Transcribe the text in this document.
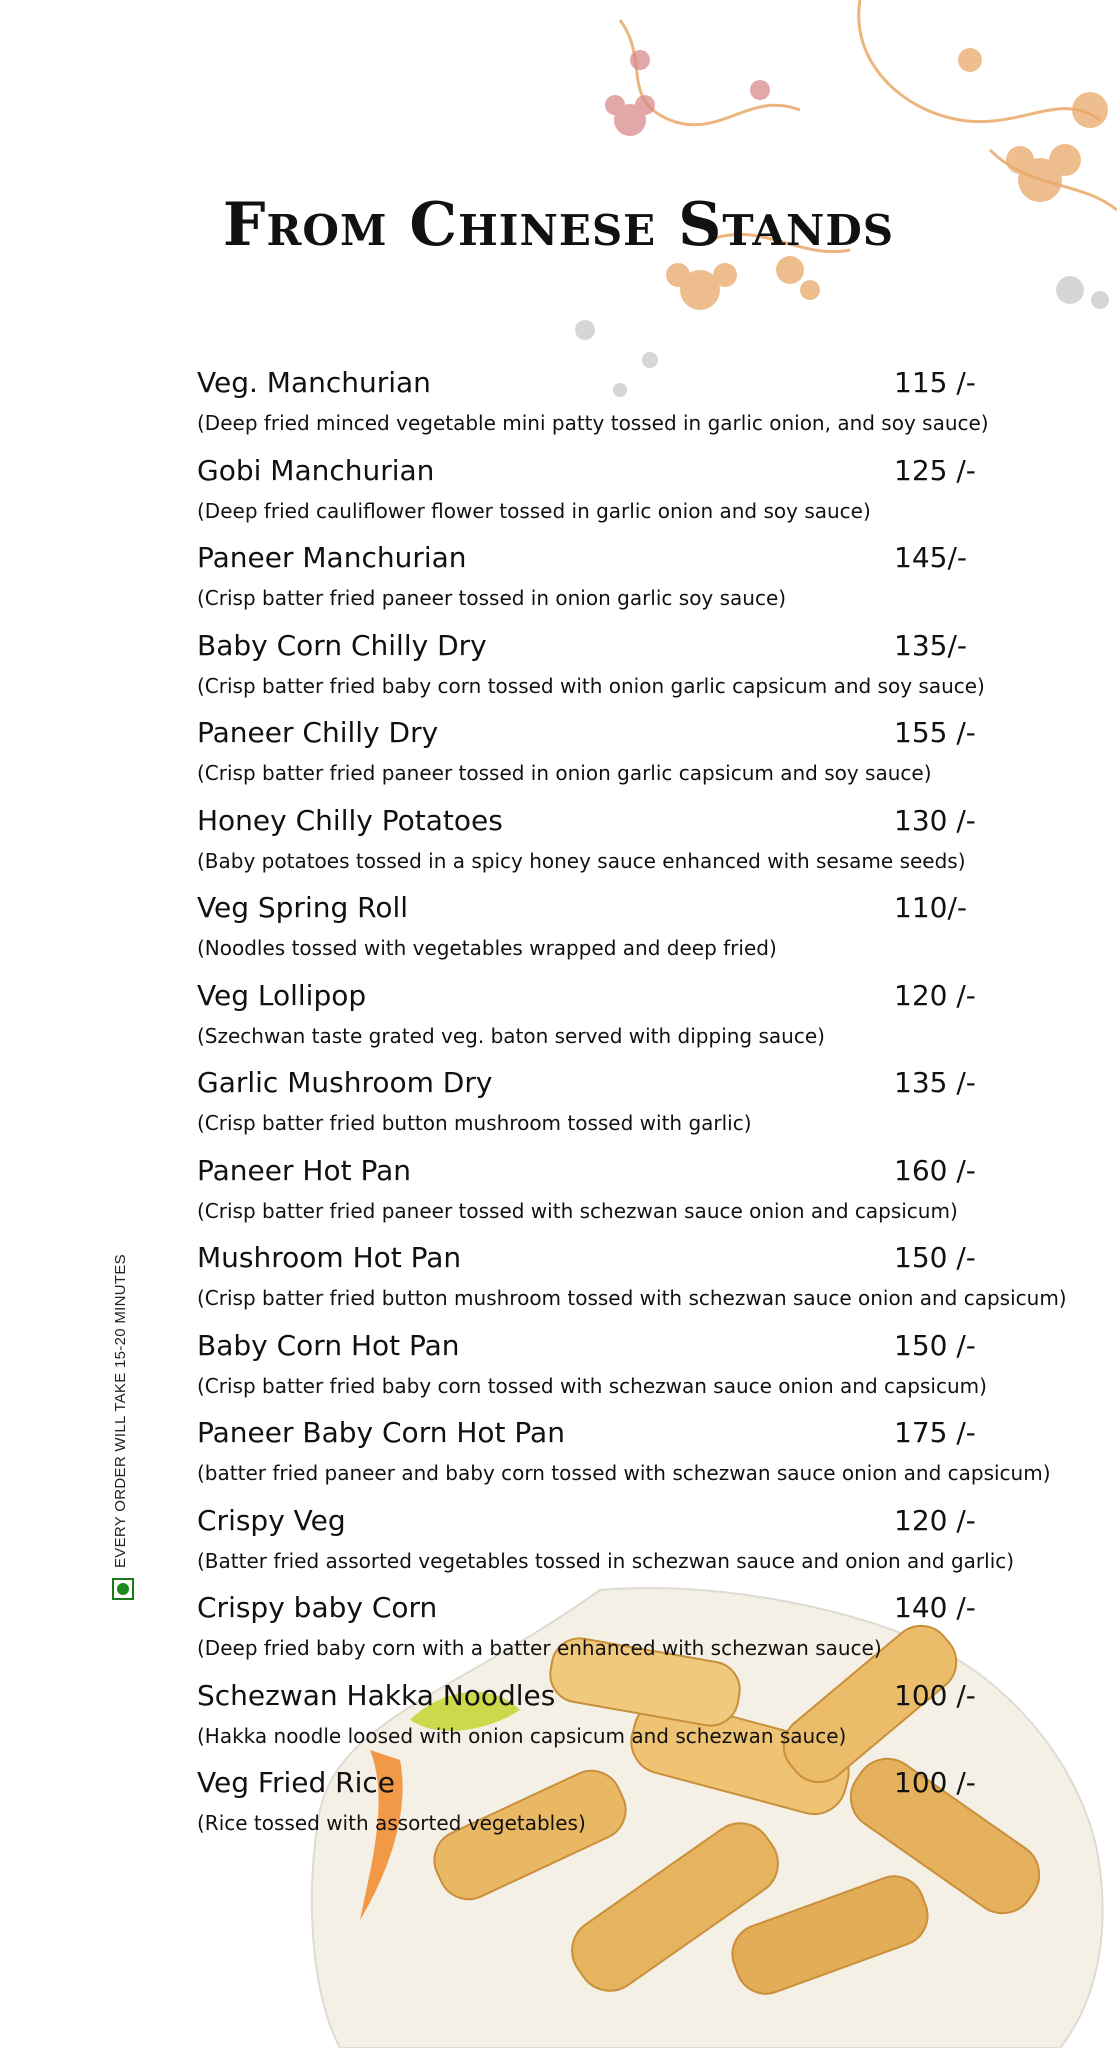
From Chinese Stands
Veg. Manchurian	115 /-
(Deep fried minced vegetable mini patty tossed in garlic onion, and soy sauce)
Gobi Manchurian	125 /-
(Deep fried cauliflower flower tossed in garlic onion and soy sauce)
Paneer Manchurian	145/-
(Crisp batter fried paneer tossed in onion garlic soy sauce)
Baby Corn Chilly Dry	135/-
(Crisp batter fried baby corn tossed with onion garlic capsicum and soy sauce)
Paneer Chilly Dry	155 /-
(Crisp batter fried paneer tossed in onion garlic capsicum and soy sauce)
Honey Chilly Potatoes	130 /-
(Baby potatoes tossed in a spicy honey sauce enhanced with sesame seeds)
Veg Spring Roll	110/-
(Noodles tossed with vegetables wrapped and deep fried)
Veg Lollipop	120 /-
(Szechwan taste grated veg. baton served with dipping sauce)
Garlic Mushroom Dry	135 /-
(Crisp batter fried button mushroom tossed with garlic)
Paneer Hot Pan	160 /-
(Crisp batter fried paneer tossed with schezwan sauce onion and capsicum)
Mushroom Hot Pan	150 /-
(Crisp batter fried button mushroom tossed with schezwan sauce onion and capsicum)
Baby Corn Hot Pan	150 /-
(Crisp batter fried baby corn tossed with schezwan sauce onion and capsicum)
Paneer Baby Corn Hot Pan	175 /-
(batter fried paneer and baby corn tossed with schezwan sauce onion and capsicum)
Crispy Veg	120 /-
(Batter fried assorted vegetables tossed in schezwan sauce and onion and garlic)
Crispy baby Corn	140 /-
(Deep fried baby corn with a batter enhanced with schezwan sauce)
Schezwan Hakka Noodles	100 /-
(Hakka noodle loosed with onion capsicum and schezwan sauce)
Veg Fried Rice	100 /-
(Rice tossed with assorted vegetables)
EVERY ORDER WILL TAKE 15-20 MINUTES
